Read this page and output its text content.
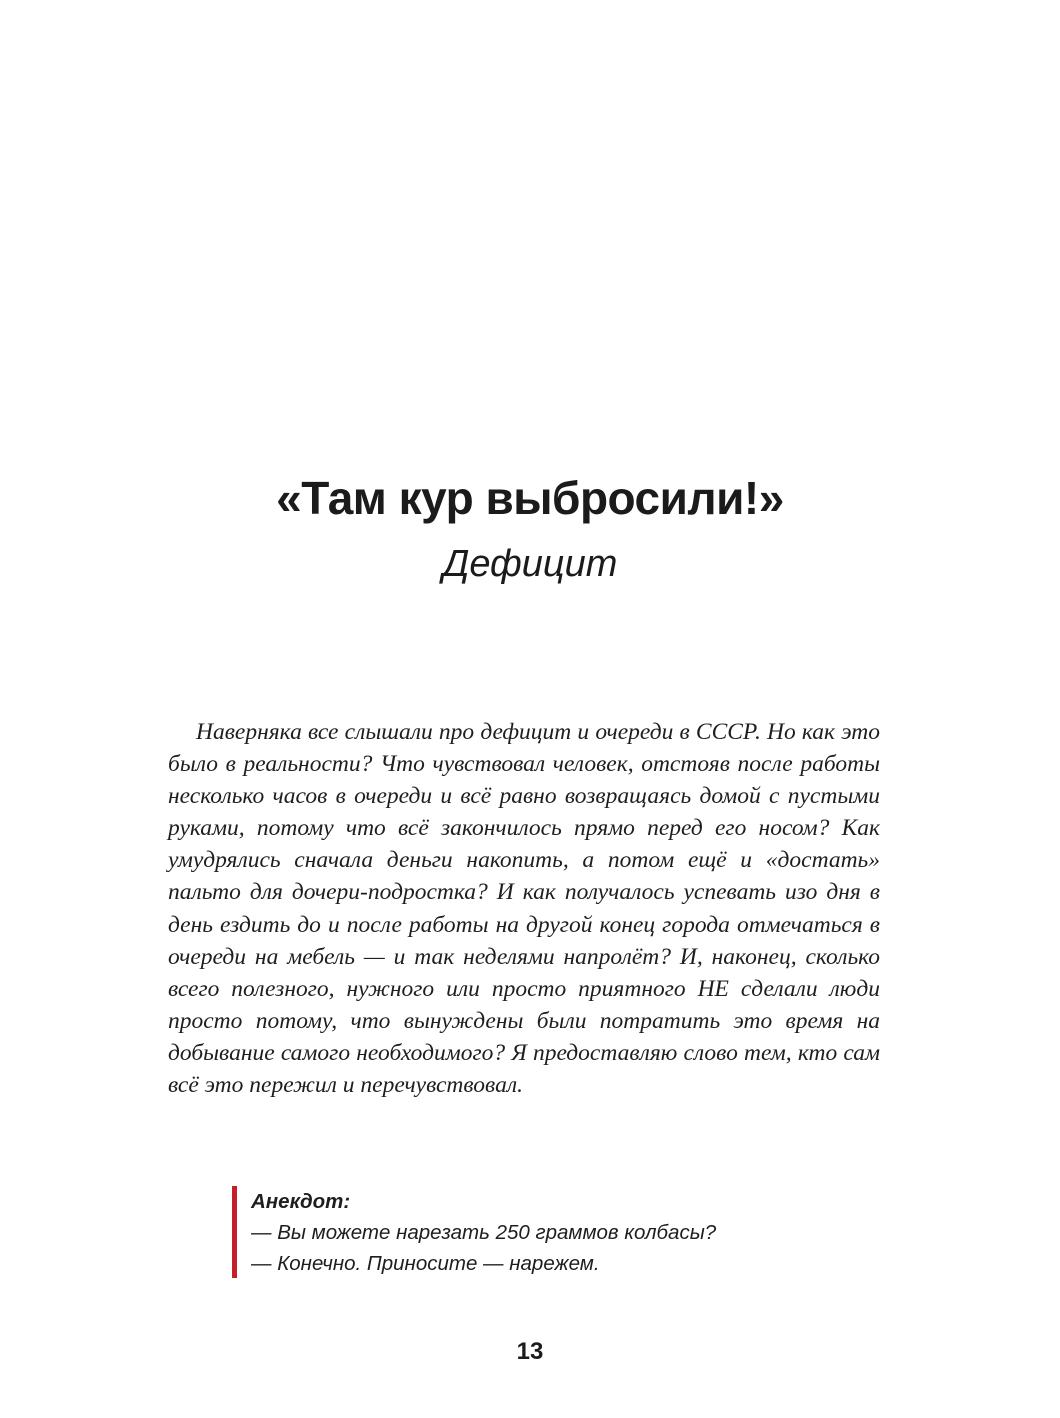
«Там кур выбросили!»
Дефицит

Наверняка все слышали про дефицит и очереди в СССР. Но как это было в реальности? Что чувствовал человек, отстояв после работы несколько часов в очереди и всё равно возвращаясь домой с пустыми руками, потому что всё закончилось прямо перед его носом? Как умудрялись сначала деньги накопить, а потом ещё и «достать» пальто для дочери-подростка? И как получалось успевать изо дня в день ездить до и после работы на другой конец города отмечаться в очереди на мебель — и так неделями напролёт? И, наконец, сколько всего полезного, нужного или просто приятного НЕ сделали люди просто потому, что вынуждены были потратить это время на добывание самого необходимого? Я предоставляю слово тем, кто сам всё это пережил и перечувствовал.

Анекдот:
— Вы можете нарезать 250 граммов колбасы?
— Конечно. Приносите — нарежем.
13
